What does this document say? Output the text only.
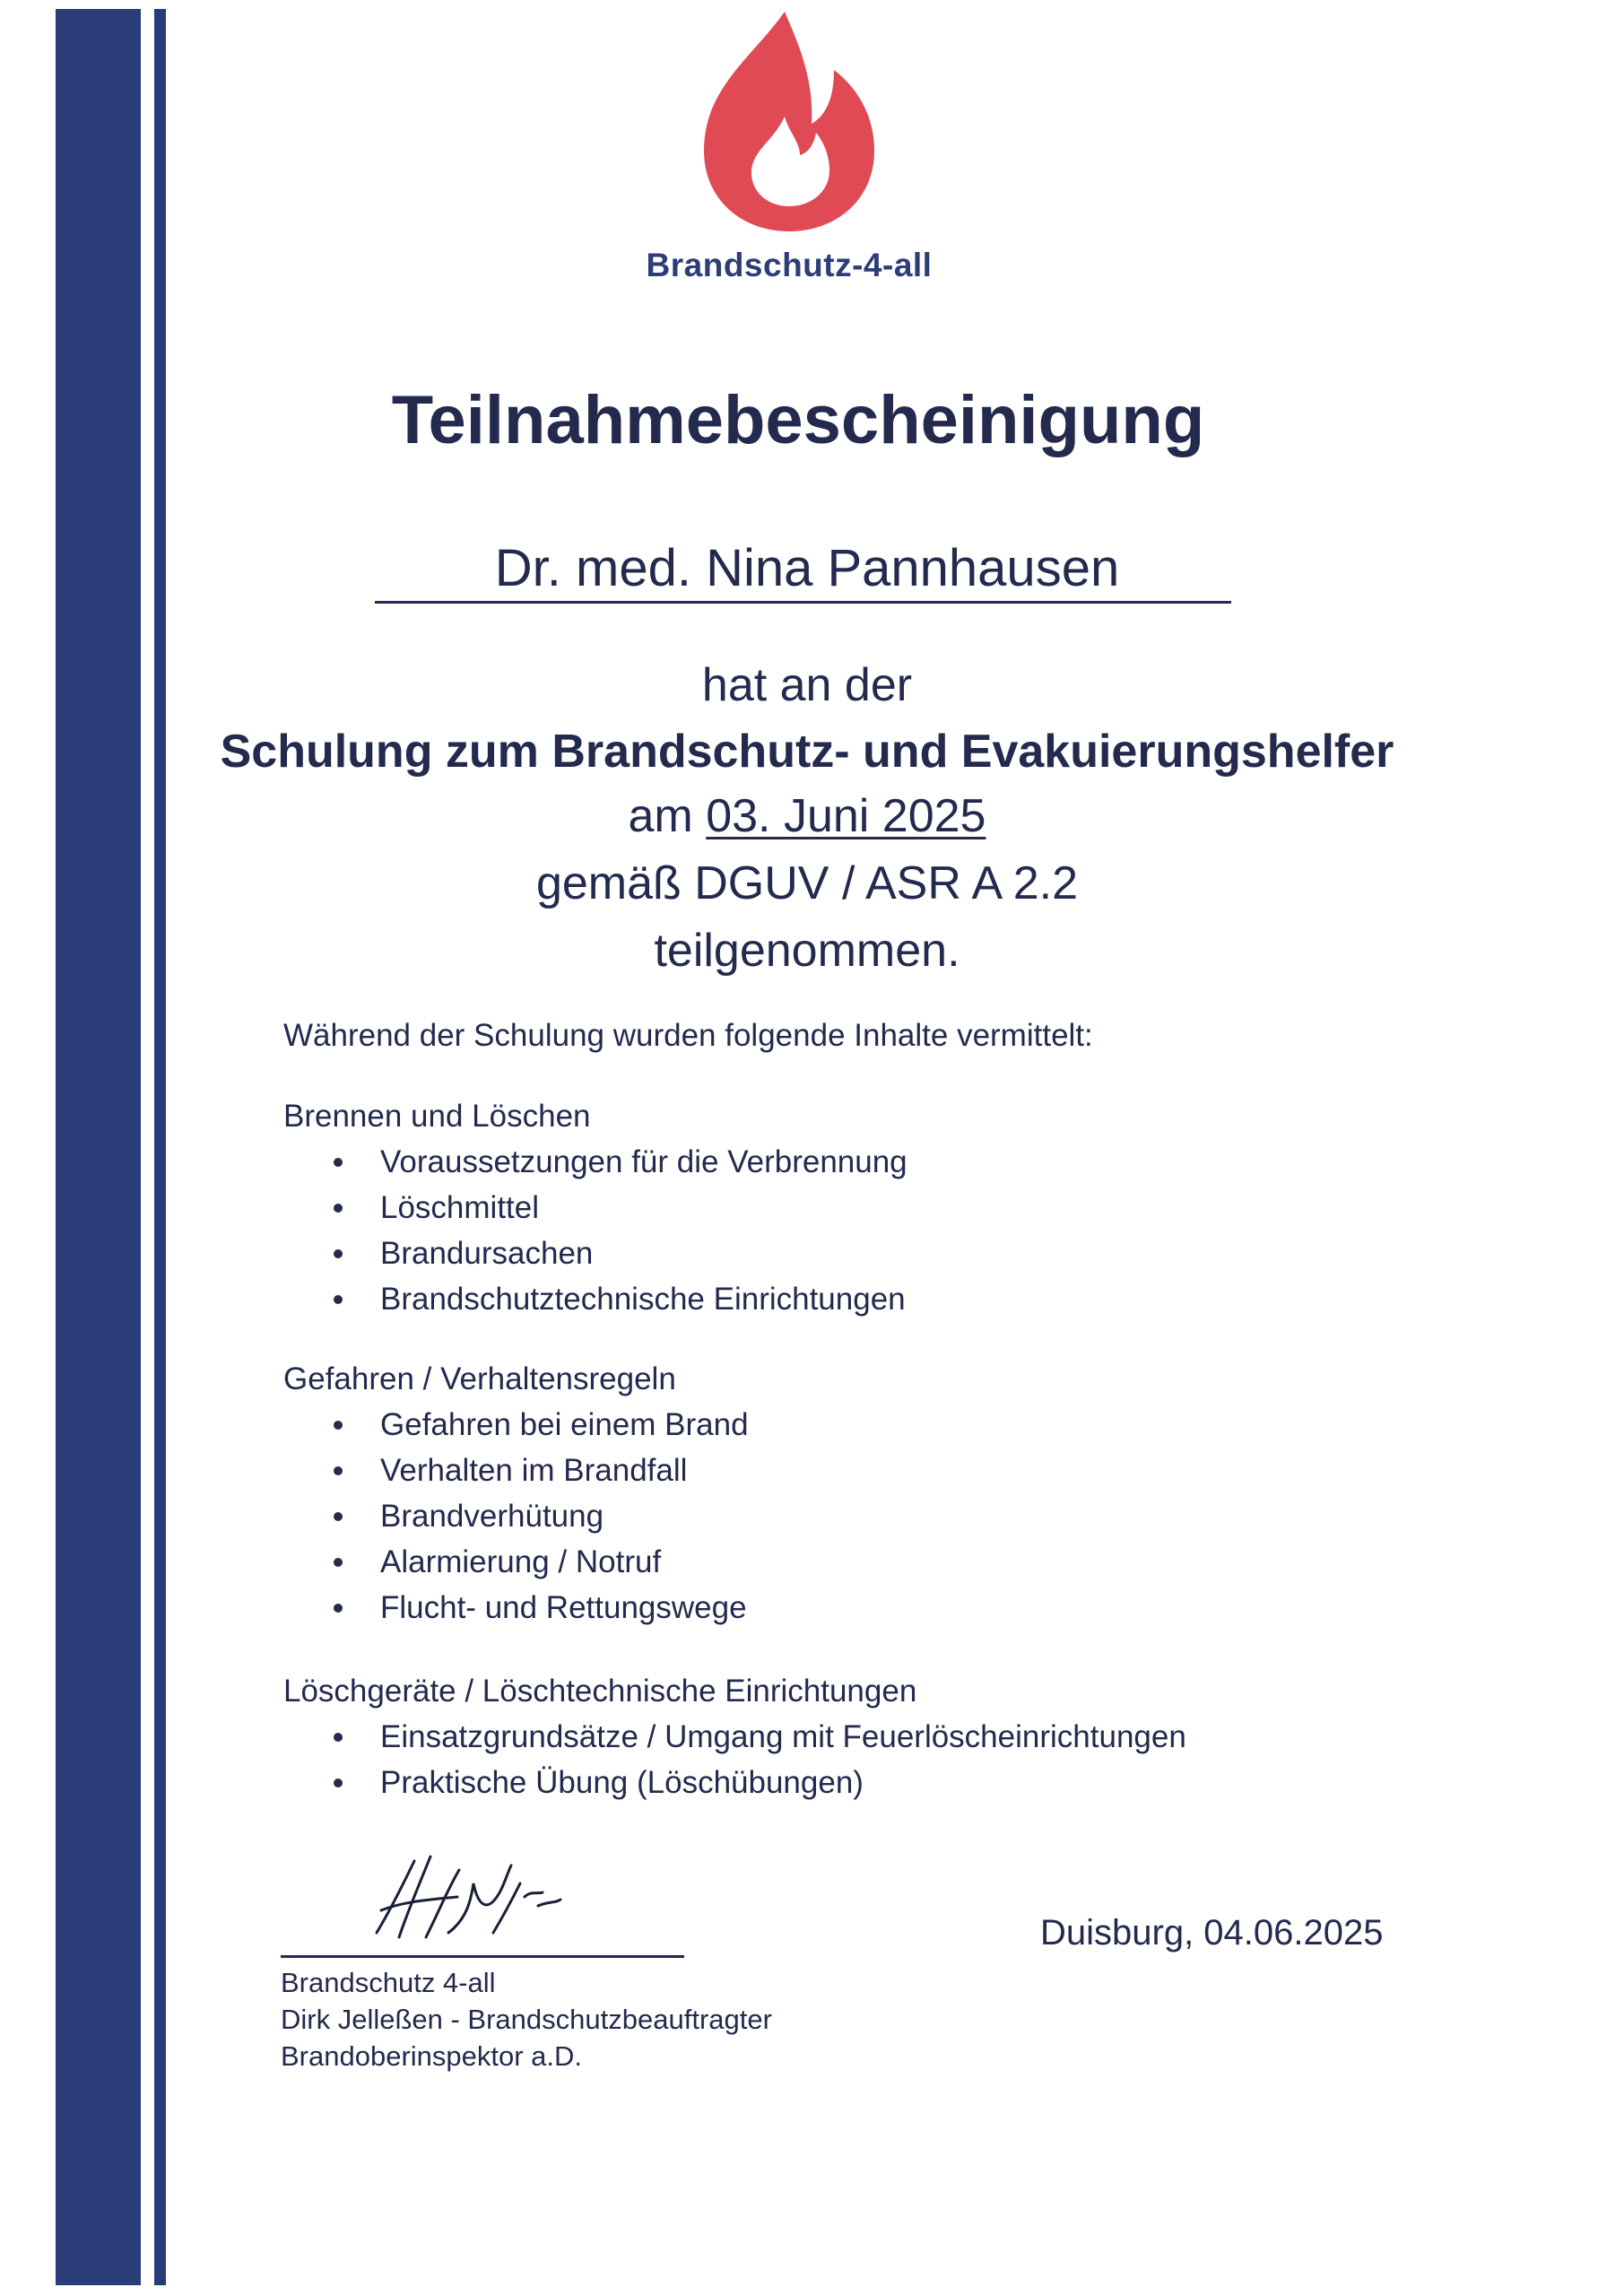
Brandschutz-4-all
Teilnahmebescheinigung
Dr. med. Nina Pannhausen
hat an der
Schulung zum Brandschutz- und Evakuierungshelfer
am 03. Juni 2025
gemäß DGUV / ASR A 2.2
teilgenommen.
Während der Schulung wurden folgende Inhalte vermittelt:
Brennen und Löschen
Voraussetzungen für die Verbrennung
Löschmittel
Brandursachen
Brandschutztechnische Einrichtungen
Gefahren / Verhaltensregeln
Gefahren bei einem Brand
Verhalten im Brandfall
Brandverhütung
Alarmierung / Notruf
Flucht- und Rettungswege
Löschgeräte / Löschtechnische Einrichtungen
Einsatzgrundsätze / Umgang mit Feuerlöscheinrichtungen
Praktische Übung (Löschübungen)
Brandschutz 4-all
Dirk Jelleßen - Brandschutzbeauftragter
Brandoberinspektor a.D.
Duisburg, 04.06.2025
